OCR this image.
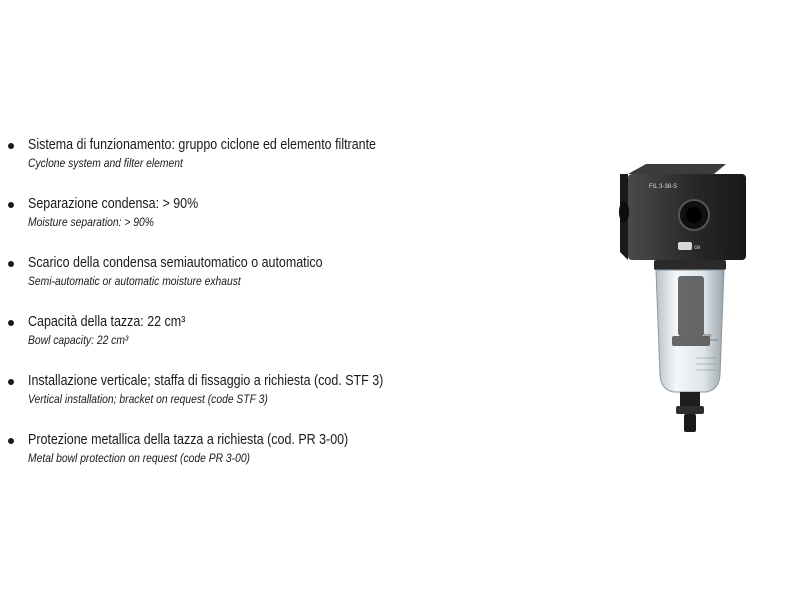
Sistema di funzionamento: gruppo ciclone ed elemento filtrante
Cyclone system and filter element
Separazione condensa: > 90%
Moisture separation: > 90%
Scarico della condensa semiautomatico o automatico
Semi-automatic or automatic moisture exhaust
Capacità della tazza: 22 cm³
Bowl capacity: 22 cm³
Installazione verticale; staffa di fissaggio a richiesta (cod. STF 3)
Vertical installation; bracket on request (code STF 3)
Protezione metallica della tazza a richiesta (cod. PR 3-00)
Metal bowl protection on request (code PR 3-00)
FIL 3-38-S
ce
max
